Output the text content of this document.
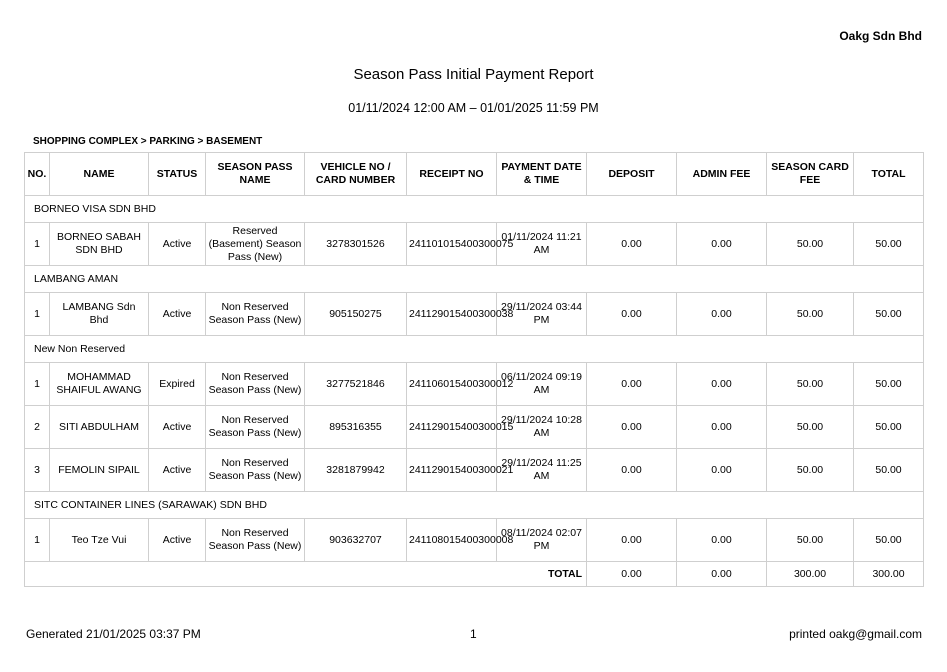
Oakg Sdn Bhd
Season Pass Initial Payment Report
01/11/2024 12:00 AM – 01/01/2025 11:59 PM
SHOPPING COMPLEX > PARKING > BASEMENT
NO.	NAME	STATUS	SEASON PASS NAME	VEHICLE NO / CARD NUMBER	RECEIPT NO	PAYMENT DATE & TIME	DEPOSIT	ADMIN FEE	SEASON CARD FEE	TOTAL
BORNEO VISA SDN BHD										
1	BORNEO SABAH SDN BHD	Active	Reserved (Basement) Season Pass (New)	3278301526	241101015400300075	01/11/2024 11:21 AM	0.00	0.00	50.00	50.00
LAMBANG AMAN										
1	LAMBANG Sdn Bhd	Active	Non Reserved Season Pass (New)	905150275	241129015400300038	29/11/2024 03:44 PM	0.00	0.00	50.00	50.00
New Non Reserved										
1	MOHAMMAD SHAIFUL AWANG	Expired	Non Reserved Season Pass (New)	3277521846	241106015400300012	06/11/2024 09:19 AM	0.00	0.00	50.00	50.00
2	SITI ABDULHAM	Active	Non Reserved Season Pass (New)	895316355	241129015400300015	29/11/2024 10:28 AM	0.00	0.00	50.00	50.00
3	FEMOLIN SIPAIL	Active	Non Reserved Season Pass (New)	3281879942	241129015400300021	29/11/2024 11:25 AM	0.00	0.00	50.00	50.00
SITC CONTAINER LINES (SARAWAK) SDN BHD										
1	Teo Tze Vui	Active	Non Reserved Season Pass (New)	903632707	241108015400300008	08/11/2024 02:07 PM	0.00	0.00	50.00	50.00
TOTAL							0.00	0.00	300.00	300.00
Generated 21/01/2025 03:37 PM	1	printed oakg@gmail.com
